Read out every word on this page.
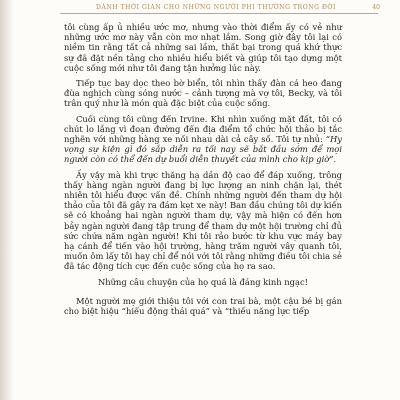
DÀNH THỜI GIAN CHO NHỮNG NGƯỜI PHI THƯỜNG TRONG ĐỜI	40

tôi cùng ấp ủ nhiều ước mơ, nhưng vào thời điểm ấy có vẻ như những ước mơ này vẫn còn mơ nhạt lắm. Song giờ đây tôi lại có niềm tin rằng tất cả những sai lầm, thất bại trong quá khứ thực sự đã đặt nền tảng cho nhiều hiểu biết và giúp tôi tạo dựng một cuộc sống mới như tôi đang tận hưởng lúc này.

Tiếp tục bay dọc theo bờ biển, tôi nhìn thấy đàn cá heo đang đùa nghịch cùng sóng nước – cảnh tượng mà vợ tôi, Becky, và tôi trân quý như là món quà đặc biệt của cuộc sống.

Cuối cùng tôi cũng đến Irvine. Khi nhìn xuống mặt đất, tôi có chút lo lắng vì đoạn đường đến địa điểm tổ chức hội thảo bị tắc nghẽn với những hàng xe nối nhau dài cả cây số. Tôi tự nhủ: “Hy vọng sự kiện gì đó sắp diễn ra tối nay sẽ bắt đầu sớm để mọi người còn có thể đến dự buổi diễn thuyết của mình cho kịp giờ”.

Ấy vậy mà khi trực thăng hạ dần độ cao để đáp xuống, trông thấy hàng ngàn người đang bị lực lượng an ninh chặn lại, thét nhiên tôi hiểu được vấn đề. Chính những người đến tham dự hội thảo của tôi đã gây ra đám kẹt xe này! Ban đầu chúng tôi dự kiến sẽ có khoảng hai ngàn người tham dự, vậy mà hiện có đến hơn bảy ngàn người đang tập trung để tham dự một hội trường chỉ đủ sức chứa năm ngàn người! Khi tôi rảo bước từ khu vực máy bay hạ cánh để tiến vào hội trường, hàng trăm người vây quanh tôi, muốn ôm lấy tôi hay chỉ để nói với tôi rằng những điều tôi chia sẻ đã tác động tích cực đến cuộc sống của họ ra sao.

Những câu chuyện của họ quá là đáng kinh ngạc!

Một người mẹ giới thiệu tôi với con trai bà, một cậu bé bị gán cho biệt hiệu “hiếu động thái quá” và “thiếu năng lực tiếp
